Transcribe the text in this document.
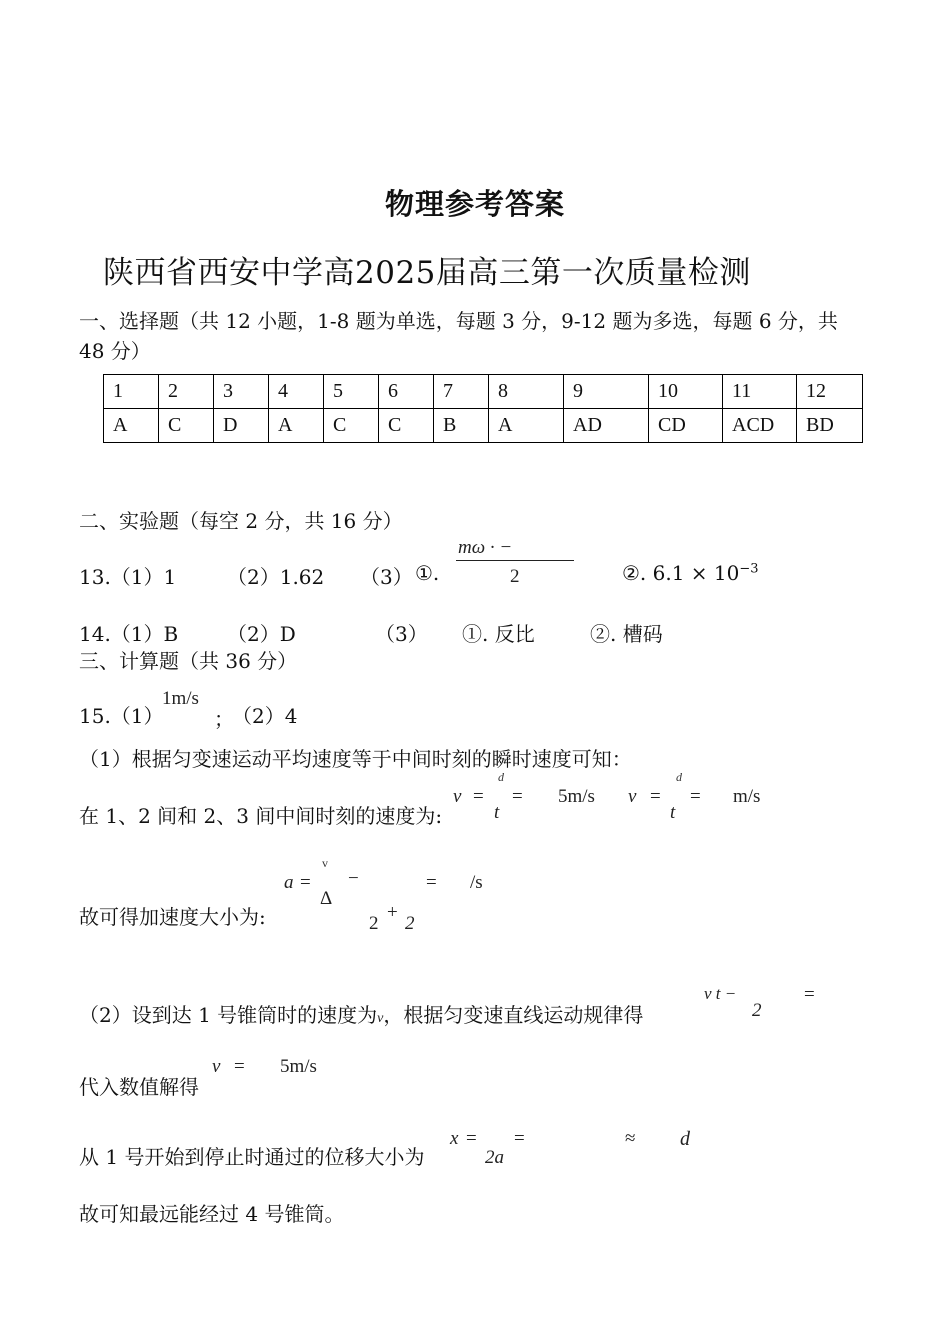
物理参考答案
陕西省西安中学高2025届高三第一次质量检测
一、选择题（共 12 小题，1-8 题为单选，每题 3 分，9-12 题为多选，每题 6 分，共
48 分）
1	2	3	4	5	6	7	8	9	10	11	12
A	C	D	A	C	C	B	A	AD	CD	ACD	BD
二、实验题（每空 2 分，共 16 分）
13.（1）1	（2）1.62 （3） ①.
mω · −
2	②. $6.1 \times 10^{-3}$
14.（1）B （2）D	（3） ①. 反比	②. 槽码
三、计算题（共 36 分）
15.（1）
1m/s
；
（2）4
（1）根据匀变速运动平均速度等于中间时刻的瞬时速度可知：
在 1、2 间和 2、3 间中间时刻的速度为:
v =
d
t
= 5m/s v =
d
t
= m/s
故可得加速度大小为:
a =
v
−
Δ
2
+
2
= /s
（2）设到达 1 号锥筒时的速度为v，根据匀变速直线运动规律得
v t −
2
=
代入数值解得
v = 5m/s
从 1 号开始到停止时通过的位移大小为
x =
2a
=	≈ d
故可知最远能经过 4 号锥筒。
